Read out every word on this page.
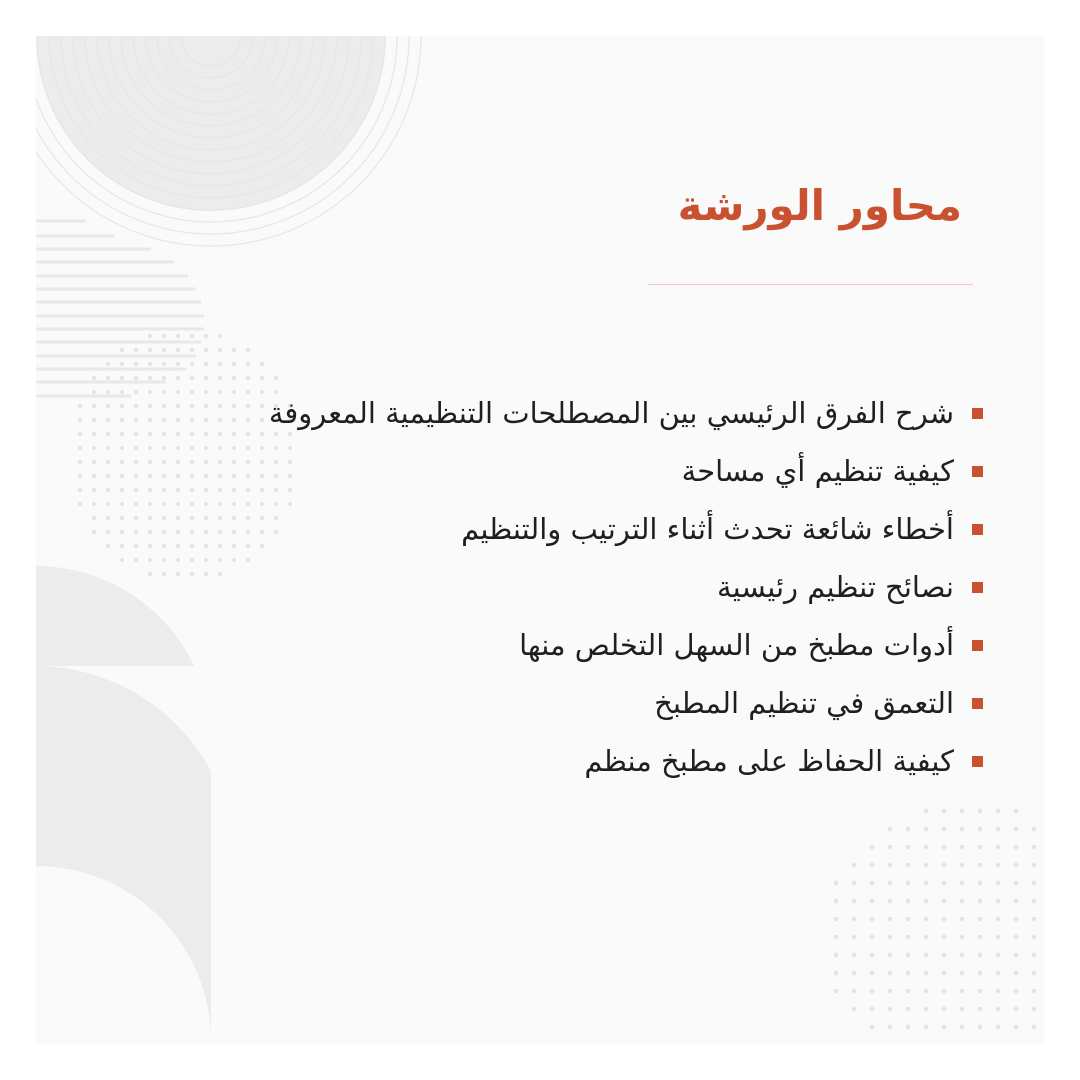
محاور الورشة
شرح الفرق الرئيسي بين المصطلحات التنظيمية المعروفة
كيفية تنظيم أي مساحة
أخطاء شائعة تحدث أثناء الترتيب والتنظيم
نصائح تنظيم رئيسية
أدوات مطبخ من السهل التخلص منها
التعمق في تنظيم المطبخ
كيفية الحفاظ على مطبخ منظم
